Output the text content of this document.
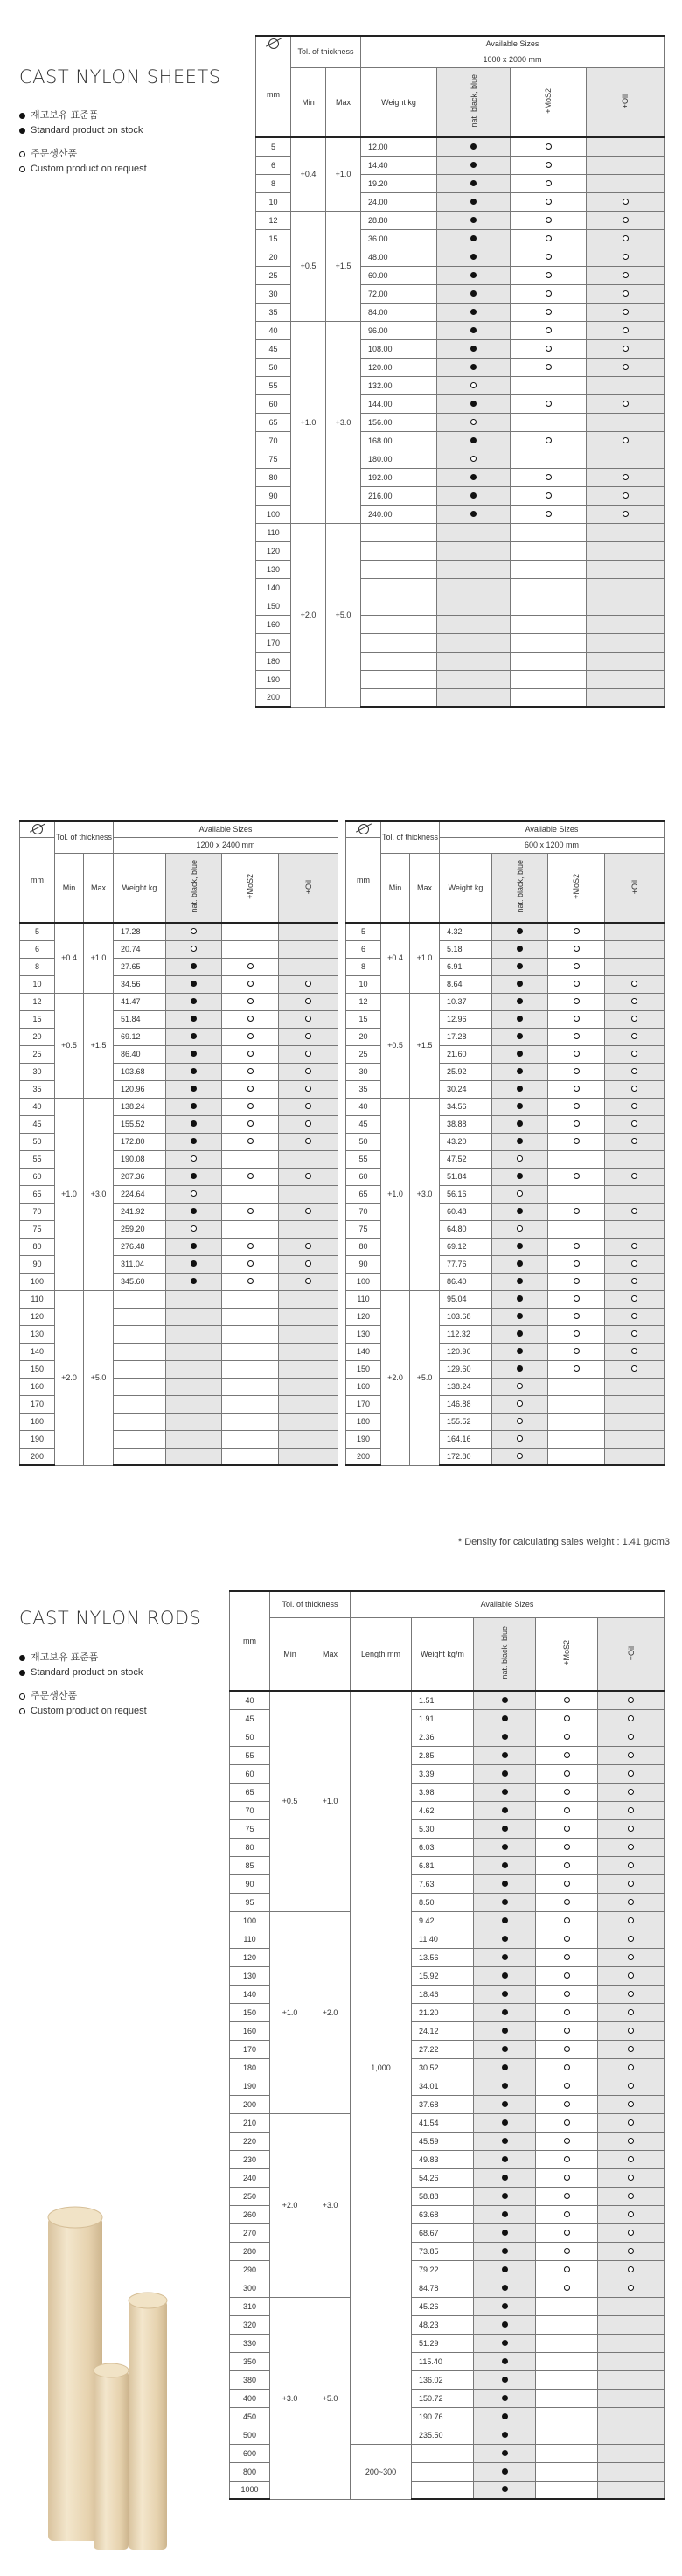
CAST NYLON SHEETS
재고보유 표준품
Standard product on stock
주문생산품
Custom product on request
	Tol. of thickness		Available Sizes			
mm			1000 x 2000 mm			
	Min	Max	Weight kg	nat. black, blue	+MoS2	+Oil

5	+0.4	+1.0	12.00			
6			14.40			
8			19.20			
10			24.00			
12	+0.5	+1.5	28.80			
15			36.00			
20			48.00			
25			60.00			
30			72.00			
35			84.00			
40	+1.0	+3.0	96.00			
45			108.00			
50			120.00			
55			132.00			
60			144.00			
65			156.00			
70			168.00			
75			180.00			
80			192.00			
90			216.00			
100			240.00			
110	+2.0	+5.0				
120						
130						
140						
150						
160						
170						
180						
190						
200						
	Tol. of thickness		Available Sizes			
mm			1200 x 2400 mm			
	Min	Max	Weight kg	nat. black, blue	+MoS2	+Oil

5	+0.4	+1.0	17.28			
6			20.74			
8			27.65			
10			34.56			
12	+0.5	+1.5	41.47			
15			51.84			
20			69.12			
25			86.40			
30			103.68			
35			120.96			
40	+1.0	+3.0	138.24			
45			155.52			
50			172.80			
55			190.08			
60			207.36			
65			224.64			
70			241.92			
75			259.20			
80			276.48			
90			311.04			
100			345.60			
110	+2.0	+5.0				
120						
130						
140						
150						
160						
170						
180						
190						
200						
	Tol. of thickness		Available Sizes			
mm			600 x 1200 mm			
	Min	Max	Weight kg	nat. black, blue	+MoS2	+Oil

5	+0.4	+1.0	4.32			
6			5.18			
8			6.91			
10			8.64			
12	+0.5	+1.5	10.37			
15			12.96			
20			17.28			
25			21.60			
30			25.92			
35			30.24			
40	+1.0	+3.0	34.56			
45			38.88			
50			43.20			
55			47.52			
60			51.84			
65			56.16			
70			60.48			
75			64.80			
80			69.12			
90			77.76			
100			86.40			
110	+2.0	+5.0	95.04			
120			103.68			
130			112.32			
140			120.96			
150			129.60			
160			138.24			
170			146.88			
180			155.52			
190			164.16			
200			172.80			
* Density for calculating sales weight : 1.41 g/cm3
CAST NYLON RODS
재고보유 표준품
Standard product on stock
주문생산품
Custom product on request
mm	Tol. of thickness		Available Sizes				
	Min	Max	Length mm	Weight kg/m	nat. black, blue	+MoS2	+Oil
40	+0.5	+1.0	1,000	1.51			
45				1.91			
50				2.36			
55				2.85			
60				3.39			
65				3.98			
70				4.62			
75				5.30			
80				6.03			
85				6.81			
90				7.63			
95				8.50			
100	+1.0	+2.0		9.42			
110				11.40			
120				13.56			
130				15.92			
140				18.46			
150				21.20			
160				24.12			
170				27.22			
180				30.52			
190				34.01			
200				37.68			
210	+2.0	+3.0		41.54			
220				45.59			
230				49.83			
240				54.26			
250				58.88			
260				63.68			
270				68.67			
280				73.85			
290				79.22			
300				84.78			
310	+3.0	+5.0		45.26			
320				48.23			
330				51.29			
350				115.40			
380				136.02			
400				150.72			
450				190.76			
500				235.50			
600			200~300				
800							
1000							
